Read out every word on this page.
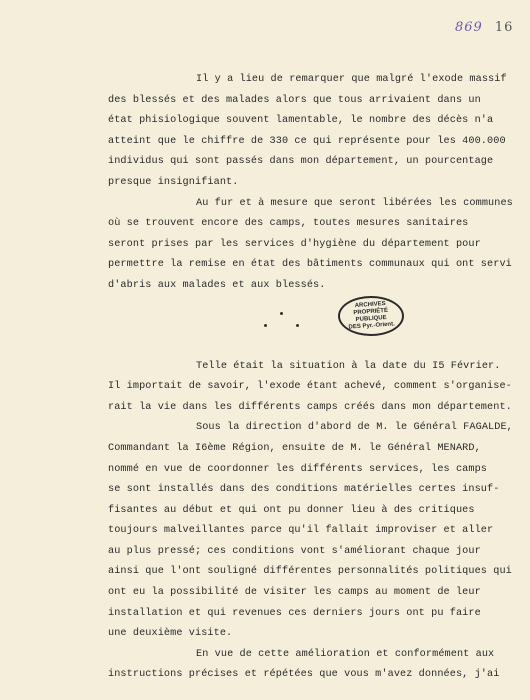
869 16
Il y a lieu de remarquer que malgré l'exode massif
des blessés et des malades alors que tous arrivaient dans un
état phisiologique souvent lamentable, le nombre des décès n'a
atteint que le chiffre de 330 ce qui représente pour les 400.000
individus qui sont passés dans mon département, un pourcentage
presque insignifiant.
Au fur et à mesure que seront libérées les communes
où se trouvent encore des camps, toutes mesures sanitaires
seront prises par les services d'hygiène du département pour
permettre la remise en état des bâtiments communaux qui ont servi
d'abris aux malades et aux blessés.
Telle était la situation à la date du I5 Février.
Il importait de savoir, l'exode étant achevé, comment s'organise-
rait la vie dans les différents camps créés dans mon département.
Sous la direction d'abord de M. le Général FAGALDE,
Commandant la I6ème Région, ensuite de M. le Général MENARD,
nommé en vue de coordonner les différents services, les camps
se sont installés dans des conditions matérielles certes insuf-
fisantes au début et qui ont pu donner lieu à des critiques
toujours malveillantes parce qu'il fallait improviser et aller
au plus pressé; ces conditions vont s'améliorant chaque jour
ainsi que l'ont souligné différentes personnalités politiques qui
ont eu la possibilité de visiter les camps au moment de leur
installation et qui revenues ces derniers jours ont pu faire
une deuxième visite.
En vue de cette amélioration et conformément aux
instructions précises et répétées que vous m'avez données, j'ai
ARCHIVES
PROPRIÉTÉ
PUBLIQUE
DES Pyr.-Orient.
